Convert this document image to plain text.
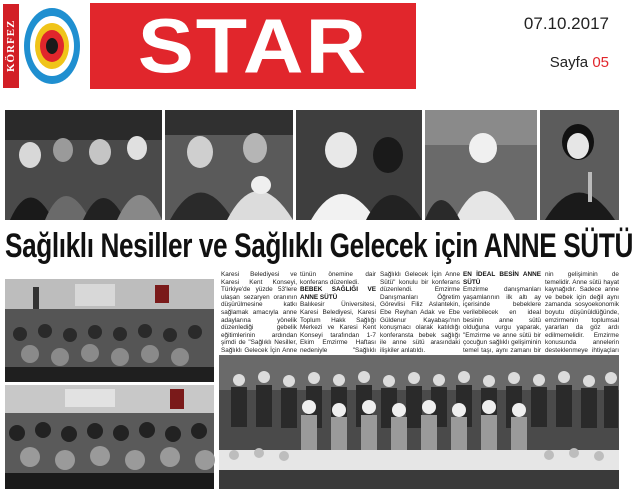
KÖRFEZ STAR	07.10.2017
Sayfa 05
Sağlıklı Nesiller ve Sağlıklı Gelecek için ANNE SÜTÜ

Karesi Belediyesi ve Karesi Kent Konseyi, Türkiye'de yüzde 53'lere ulaşan sezaryen oranının düşürülmesine katkı sağlamak amacıyla anne adaylarına yönelik düzenlediği gebelik eğitimlerinin ardından şimdi de "Sağlıklı Nesiller, Sağlıklı Gelecek İçin Anne

tünün önemine dair konferans düzenledi.

BEBEK SAĞLIĞI VE ANNE SÜTÜ

Balıkesir Üniversitesi, Karesi Belediyesi, Karesi Toplum Hakk Sağlığı Merkezi ve Karesi Kent Konseyi tarafından 1-7 Ekim Emzirme Haftası nedeniyle "Sağlıklı

Sağlıklı Gelecek İçin Anne Sütü" konulu bir konferans düzenlendi. Emzirme Danışmanları Öğretim Görevlisi Filiz Aslantekin, Ebe Reyhan Adak ve Ebe Güldenur Kayabaşı'nın konuşmacı olarak katıldığı konferansta bebek sağlığı ile anne sütü arasındaki ilişkiler anlatıldı.

EN İDEAL BESİN ANNE SÜTÜ

Emzirme danışmanları yaşamlarının ilk altı ay içerisinde bebeklere verilebilecek en ideal besinin anne sütü olduğuna vurgu yaparak, "Emzirme ve anne sütü bir çocuğun sağlıklı gelişiminin temel taşı, aynı zamanı bir

nin gelişiminin de temelidir. Anne sütü hayat kaynağıdır. Sadece anne ve bebek için değil aynı zamanda sosyoekonomik boyutu düşünüldüğünde, emzirmenin toplumsal yararları da göz ardı edilmemelidir. Emzirme konusunda annelerin desteklenmeye ihtiyaçları
